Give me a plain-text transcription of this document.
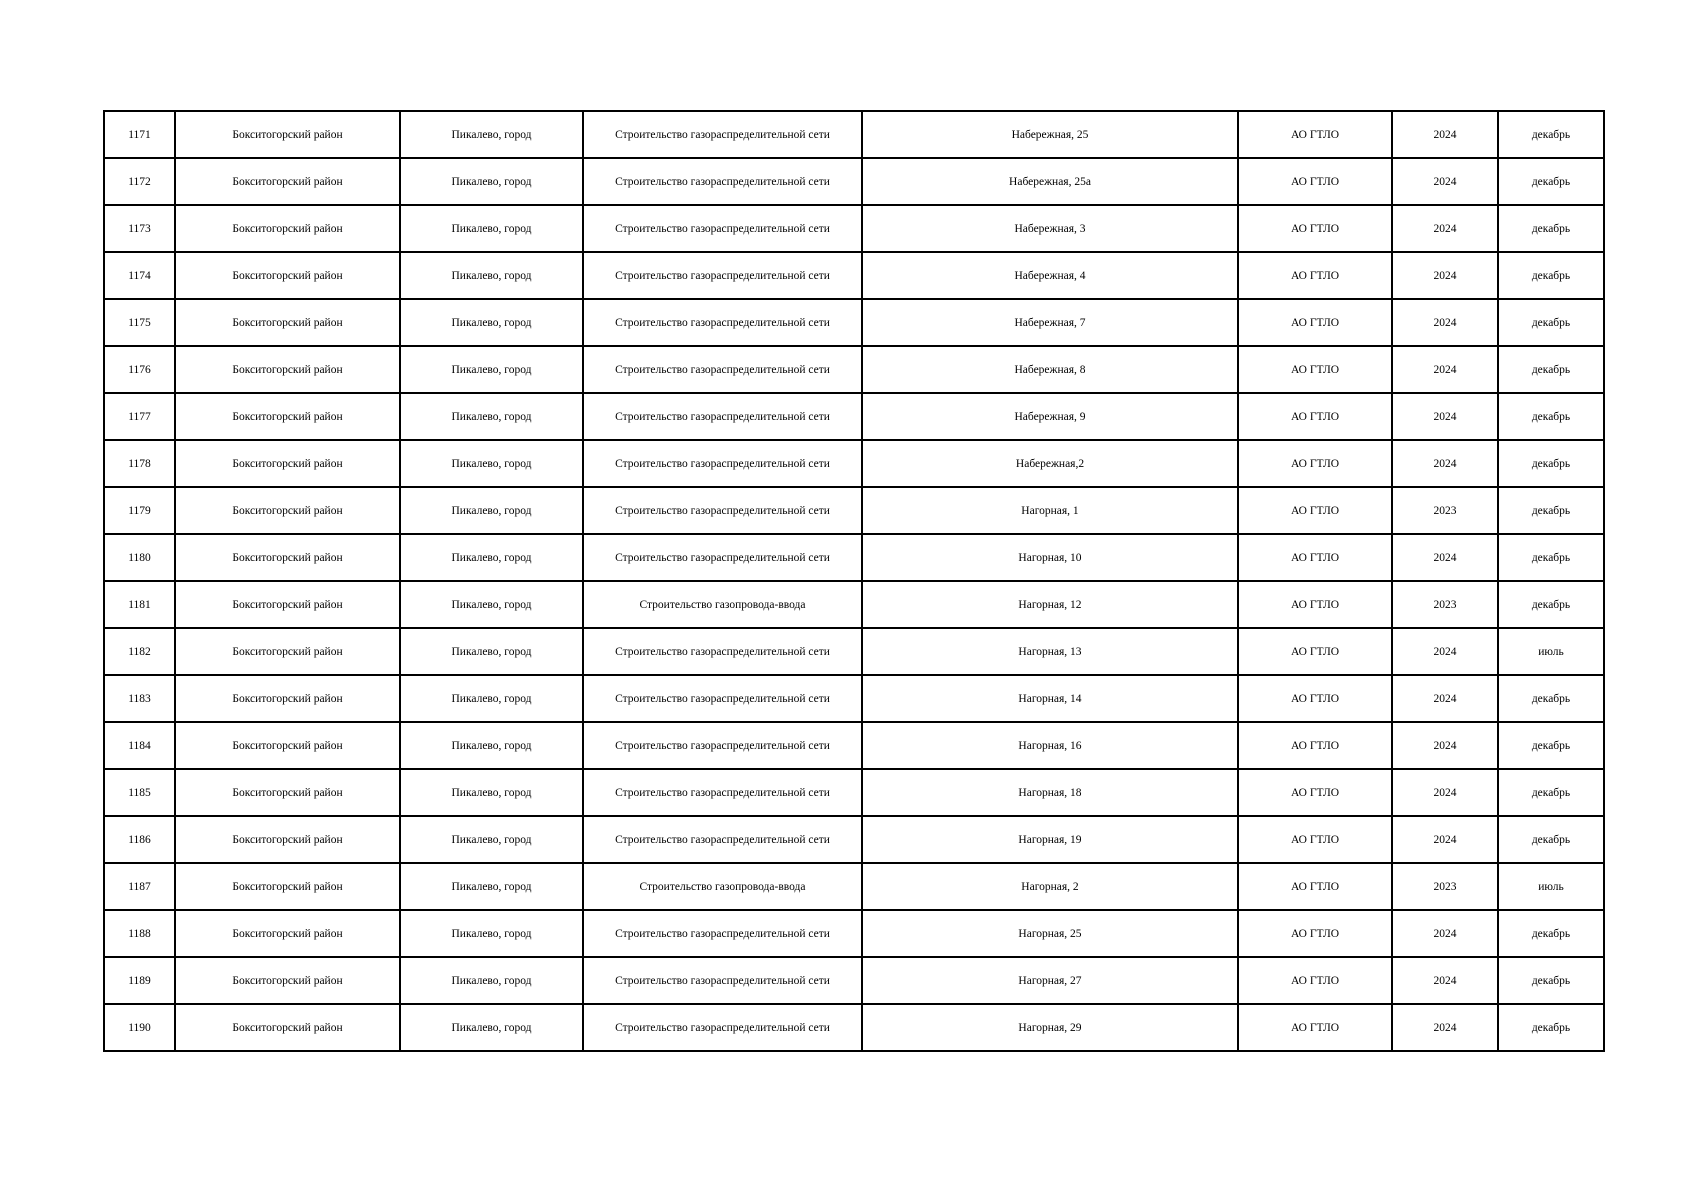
1171	Бокситогорский район	Пикалево, город	Строительство газораспределительной сети	Набережная, 25	АО ГТЛО	2024	декабрь
1172	Бокситогорский район	Пикалево, город	Строительство газораспределительной сети	Набережная, 25а	АО ГТЛО	2024	декабрь
1173	Бокситогорский район	Пикалево, город	Строительство газораспределительной сети	Набережная, 3	АО ГТЛО	2024	декабрь
1174	Бокситогорский район	Пикалево, город	Строительство газораспределительной сети	Набережная, 4	АО ГТЛО	2024	декабрь
1175	Бокситогорский район	Пикалево, город	Строительство газораспределительной сети	Набережная, 7	АО ГТЛО	2024	декабрь
1176	Бокситогорский район	Пикалево, город	Строительство газораспределительной сети	Набережная, 8	АО ГТЛО	2024	декабрь
1177	Бокситогорский район	Пикалево, город	Строительство газораспределительной сети	Набережная, 9	АО ГТЛО	2024	декабрь
1178	Бокситогорский район	Пикалево, город	Строительство газораспределительной сети	Набережная,2	АО ГТЛО	2024	декабрь
1179	Бокситогорский район	Пикалево, город	Строительство газораспределительной сети	Нагорная, 1	АО ГТЛО	2023	декабрь
1180	Бокситогорский район	Пикалево, город	Строительство газораспределительной сети	Нагорная, 10	АО ГТЛО	2024	декабрь
1181	Бокситогорский район	Пикалево, город	Строительство газопровода-ввода	Нагорная, 12	АО ГТЛО	2023	декабрь
1182	Бокситогорский район	Пикалево, город	Строительство газораспределительной сети	Нагорная, 13	АО ГТЛО	2024	июль
1183	Бокситогорский район	Пикалево, город	Строительство газораспределительной сети	Нагорная, 14	АО ГТЛО	2024	декабрь
1184	Бокситогорский район	Пикалево, город	Строительство газораспределительной сети	Нагорная, 16	АО ГТЛО	2024	декабрь
1185	Бокситогорский район	Пикалево, город	Строительство газораспределительной сети	Нагорная, 18	АО ГТЛО	2024	декабрь
1186	Бокситогорский район	Пикалево, город	Строительство газораспределительной сети	Нагорная, 19	АО ГТЛО	2024	декабрь
1187	Бокситогорский район	Пикалево, город	Строительство газопровода-ввода	Нагорная, 2	АО ГТЛО	2023	июль
1188	Бокситогорский район	Пикалево, город	Строительство газораспределительной сети	Нагорная, 25	АО ГТЛО	2024	декабрь
1189	Бокситогорский район	Пикалево, город	Строительство газораспределительной сети	Нагорная, 27	АО ГТЛО	2024	декабрь
1190	Бокситогорский район	Пикалево, город	Строительство газораспределительной сети	Нагорная, 29	АО ГТЛО	2024	декабрь
